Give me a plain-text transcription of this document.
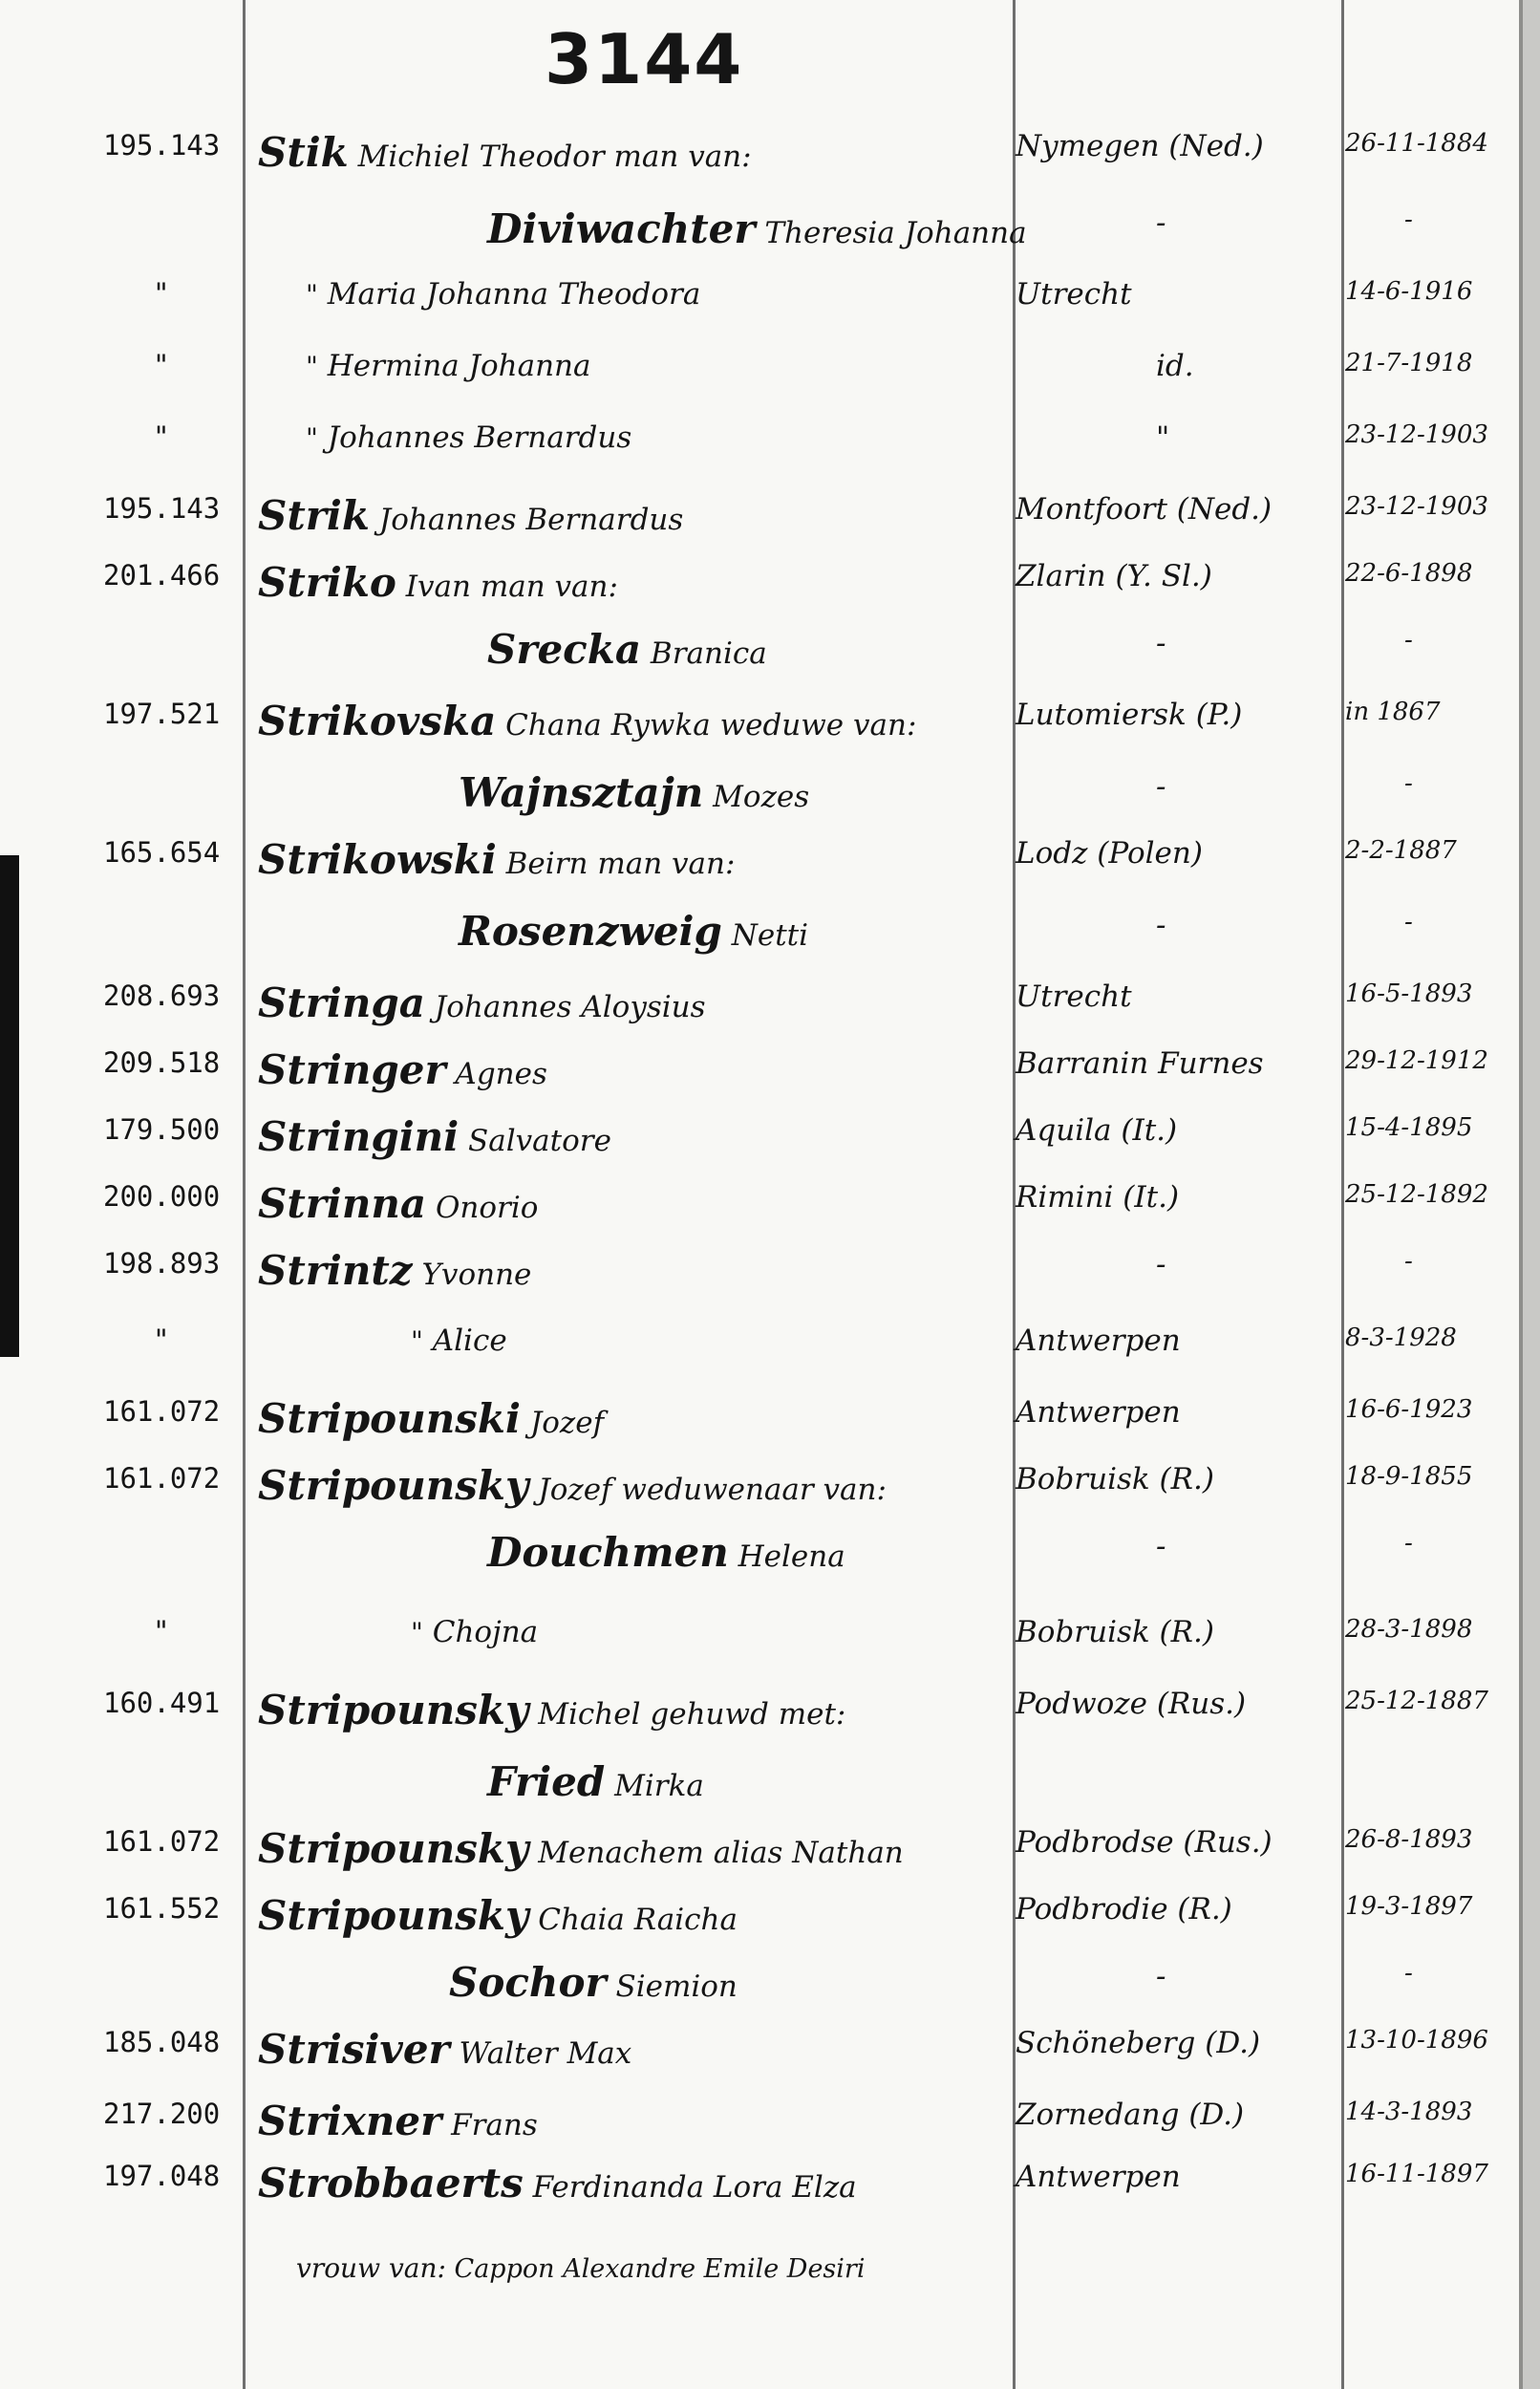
3144
195.143 Stik Michiel Theodor man van:	Nymegen (Ned.)	26-11-1884
Diviwachter Theresia Johanna	-	-
"	" Maria Johanna Theodora	Utrecht	14-6-1916
"	" Hermina Johanna	id.	21-7-1918
"	" Johannes Bernardus	"	23-12-1903
195.143 Strik Johannes Bernardus	Montfoort (Ned.)	23-12-1903
201.466 Striko Ivan man van:	Zlarin (Y. Sl.)	22-6-1898
Srecka Branica	-	-
197.521 Strikovska Chana Rywka weduwe van:	Lutomiersk (P.)	in 1867
Wajnsztajn Mozes	-	-
165.654 Strikowski Beirn man van:	Lodz (Polen)	2-2-1887
Rosenzweig Netti	-	-
208.693 Stringa Johannes Aloysius	Utrecht	16-5-1893
209.518 Stringer Agnes	Barranin Furnes	29-12-1912
179.500 Stringini Salvatore	Aquila (It.)	15-4-1895
200.000 Strinna Onorio	Rimini (It.)	25-12-1892
198.893 Strintz Yvonne	-	-
"	" Alice	Antwerpen	8-3-1928
161.072 Stripounski Jozef	Antwerpen	16-6-1923
161.072 Stripounsky Jozef weduwenaar van:	Bobruisk (R.)	18-9-1855
Douchmen Helena	-	-
"	" Chojna	Bobruisk (R.)	28-3-1898
160.491 Stripounsky Michel gehuwd met:	Podwoze (Rus.)	25-12-1887
Fried Mirka
161.072 Stripounsky Menachem alias Nathan	Podbrodse (Rus.)	26-8-1893
161.552 Stripounsky Chaia Raicha	Podbrodie (R.)	19-3-1897
Sochor Siemion	-	-
185.048 Strisiver Walter Max	Schöneberg (D.)	13-10-1896
217.200 Strixner Frans	Zornedang (D.)	14-3-1893
197.048 Strobbaerts Ferdinanda Lora Elza	Antwerpen	16-11-1897
vrouw van: Cappon Alexandre Emile Desiri
